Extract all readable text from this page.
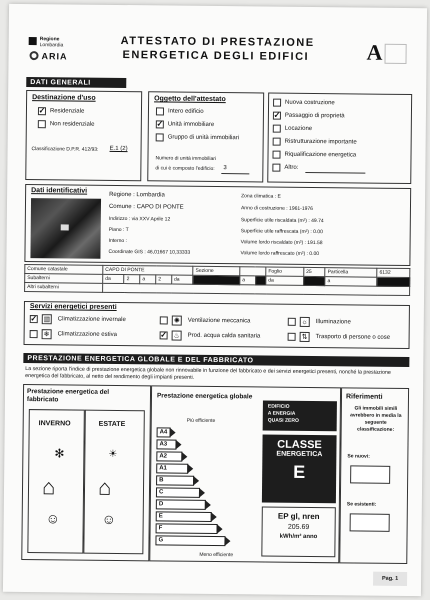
Regione
Lombardia
ARIA
ATTESTATO DI PRESTAZIONE
ENERGETICA DEGLI EDIFICI	A
DATI GENERALI
Destinazione d'uso
✓ Residenziale
Non residenziale
Classificazione D.P.R. 412/93: E.1 (2)
Oggetto dell'attestato
Intero edificio
✓ Unità immobiliare
Gruppo di unità immobiliari
Numero di unità immobiliari
di cui è composto l'edificio: 3
Nuova costruzione
✓ Passaggio di proprietà
Locazione
Ristrutturazione importante
Riqualificazione energetica
Altro:
Dati identificativi
Regione : Lombardia
Comune : CAPO DI PONTE
Indirizzo : via XXV Aprile 12
Piano : T
Interno :
Coordinate GIS : 46,01667 10,33333
Zona climatica : E
Anno di costruzione : 1961-1976
Superficie utile riscaldata (m²) : 49.74
Superficie utile raffrescata (m²) : 0.00
Volume lordo riscaldato (m³) : 191.58
Volume lordo raffrescato (m³) : 0.00
Comune catastale	CAPO DI PONTE					Sezione			Foglio	25	Particella	6132
Subalterni	da	2	a	2	da		a		da		a	
Altri subalterni												
Servizi energetici presenti
✓ ▥ Climatizzazione invernale
❄	Climatizzazione estiva
✺	Ventilazione meccanica
✓ ♨	Prod. acqua calda sanitaria
☼	Illuminazione
⇅	Trasporto di persone o cose
PRESTAZIONE ENERGETICA GLOBALE E DEL FABBRICATO
La sezione riporta l'indice di prestazione energetica globale non rinnovabile in funzione del fabbricato e dei servizi energetici presenti, nonché la prestazione energetica del fabbricato, al netto del rendimento degli impianti presenti.
Prestazione energetica del fabbricato
INVERNO	ESTATE
✻	☀
⌂ ⌂
☺	☺
Prestazione energetica globale
Più efficiente
A4
A3
A2
A1
B
C
D
E
F
G
Meno efficiente
EDIFICIO
A ENERGIA
QUASI ZERO
CLASSE
ENERGETICA
E
EP gl, nren
205.69
kWh/m² anno
Riferimenti
Gli immobili simili avrebbero in media la seguente classificazione:
Se nuovi:
Se esistenti:
Pag. 1
